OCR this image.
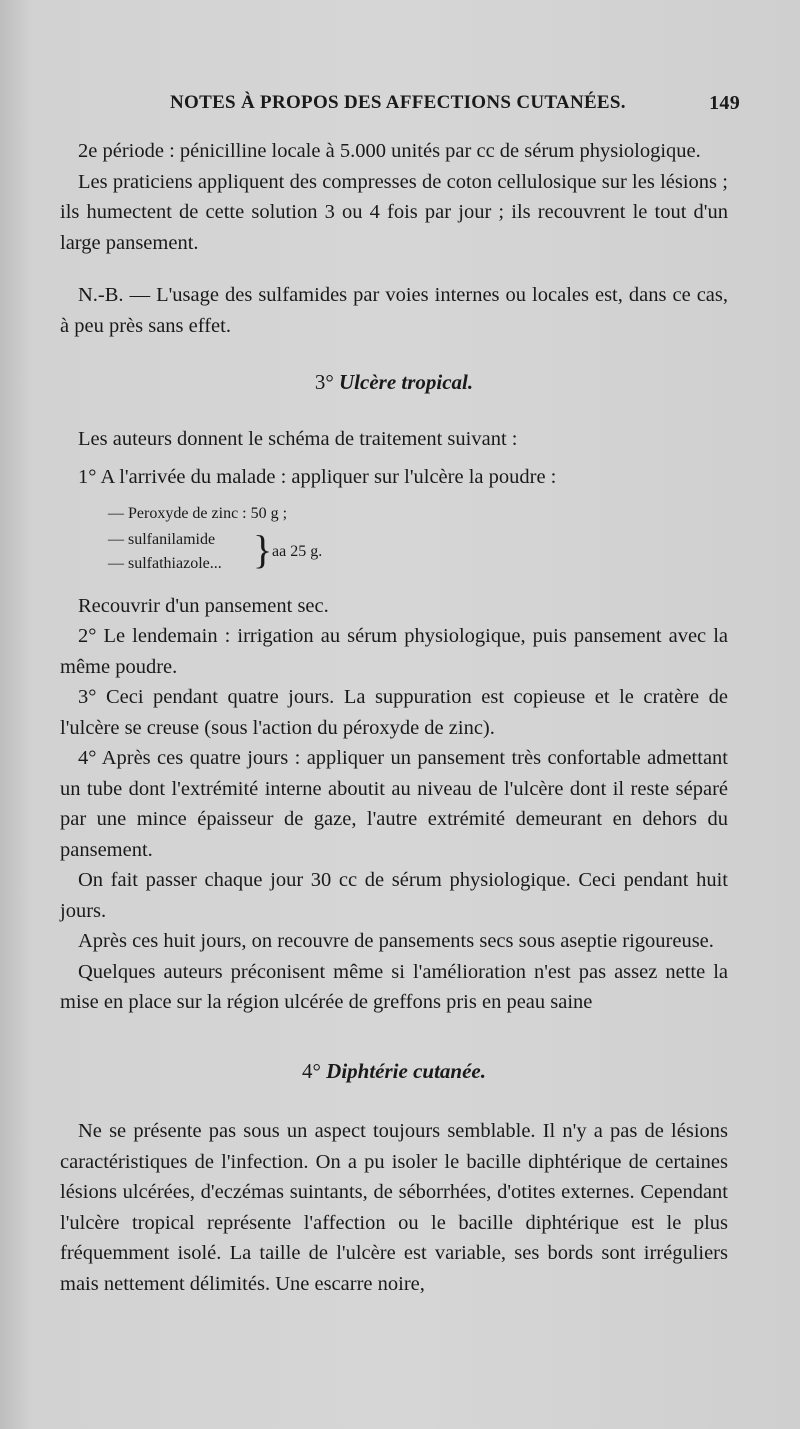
NOTES À PROPOS DES AFFECTIONS CUTANÉES.	149

2e période : pénicilline locale à 5.000 unités par cc de sérum physiologique.

Les praticiens appliquent des compresses de coton cellulosique sur les lésions ; ils humectent de cette solution 3 ou 4 fois par jour ; ils recouvrent le tout d'un large pansement.

N.-B. — L'usage des sulfamides par voies internes ou locales est, dans ce cas, à peu près sans effet.

3° Ulcère tropical.

Les auteurs donnent le schéma de traitement suivant :

1° A l'arrivée du malade : appliquer sur l'ulcère la poudre :

— Peroxyde de zinc : 50 g ;
— sulfanilamide
— sulfathiazole... } aa 25 g.

Recouvrir d'un pansement sec.

2° Le lendemain : irrigation au sérum physiologique, puis pansement avec la même poudre.

3° Ceci pendant quatre jours. La suppuration est copieuse et le cratère de l'ulcère se creuse (sous l'action du péroxyde de zinc).

4° Après ces quatre jours : appliquer un pansement très confortable admettant un tube dont l'extrémité interne aboutit au niveau de l'ulcère dont il reste séparé par une mince épaisseur de gaze, l'autre extrémité demeurant en dehors du pansement.

On fait passer chaque jour 30 cc de sérum physiologique. Ceci pendant huit jours.

Après ces huit jours, on recouvre de pansements secs sous aseptie rigoureuse.

Quelques auteurs préconisent même si l'amélioration n'est pas assez nette la mise en place sur la région ulcérée de greffons pris en peau saine

4° Diphtérie cutanée.

Ne se présente pas sous un aspect toujours semblable. Il n'y a pas de lésions caractéristiques de l'infection. On a pu isoler le bacille diphtérique de certaines lésions ulcérées, d'eczémas suintants, de séborrhées, d'otites externes. Cependant l'ulcère tropical représente l'affection ou le bacille diphtérique est le plus fréquemment isolé. La taille de l'ulcère est variable, ses bords sont irréguliers mais nettement délimités. Une escarre noire,
